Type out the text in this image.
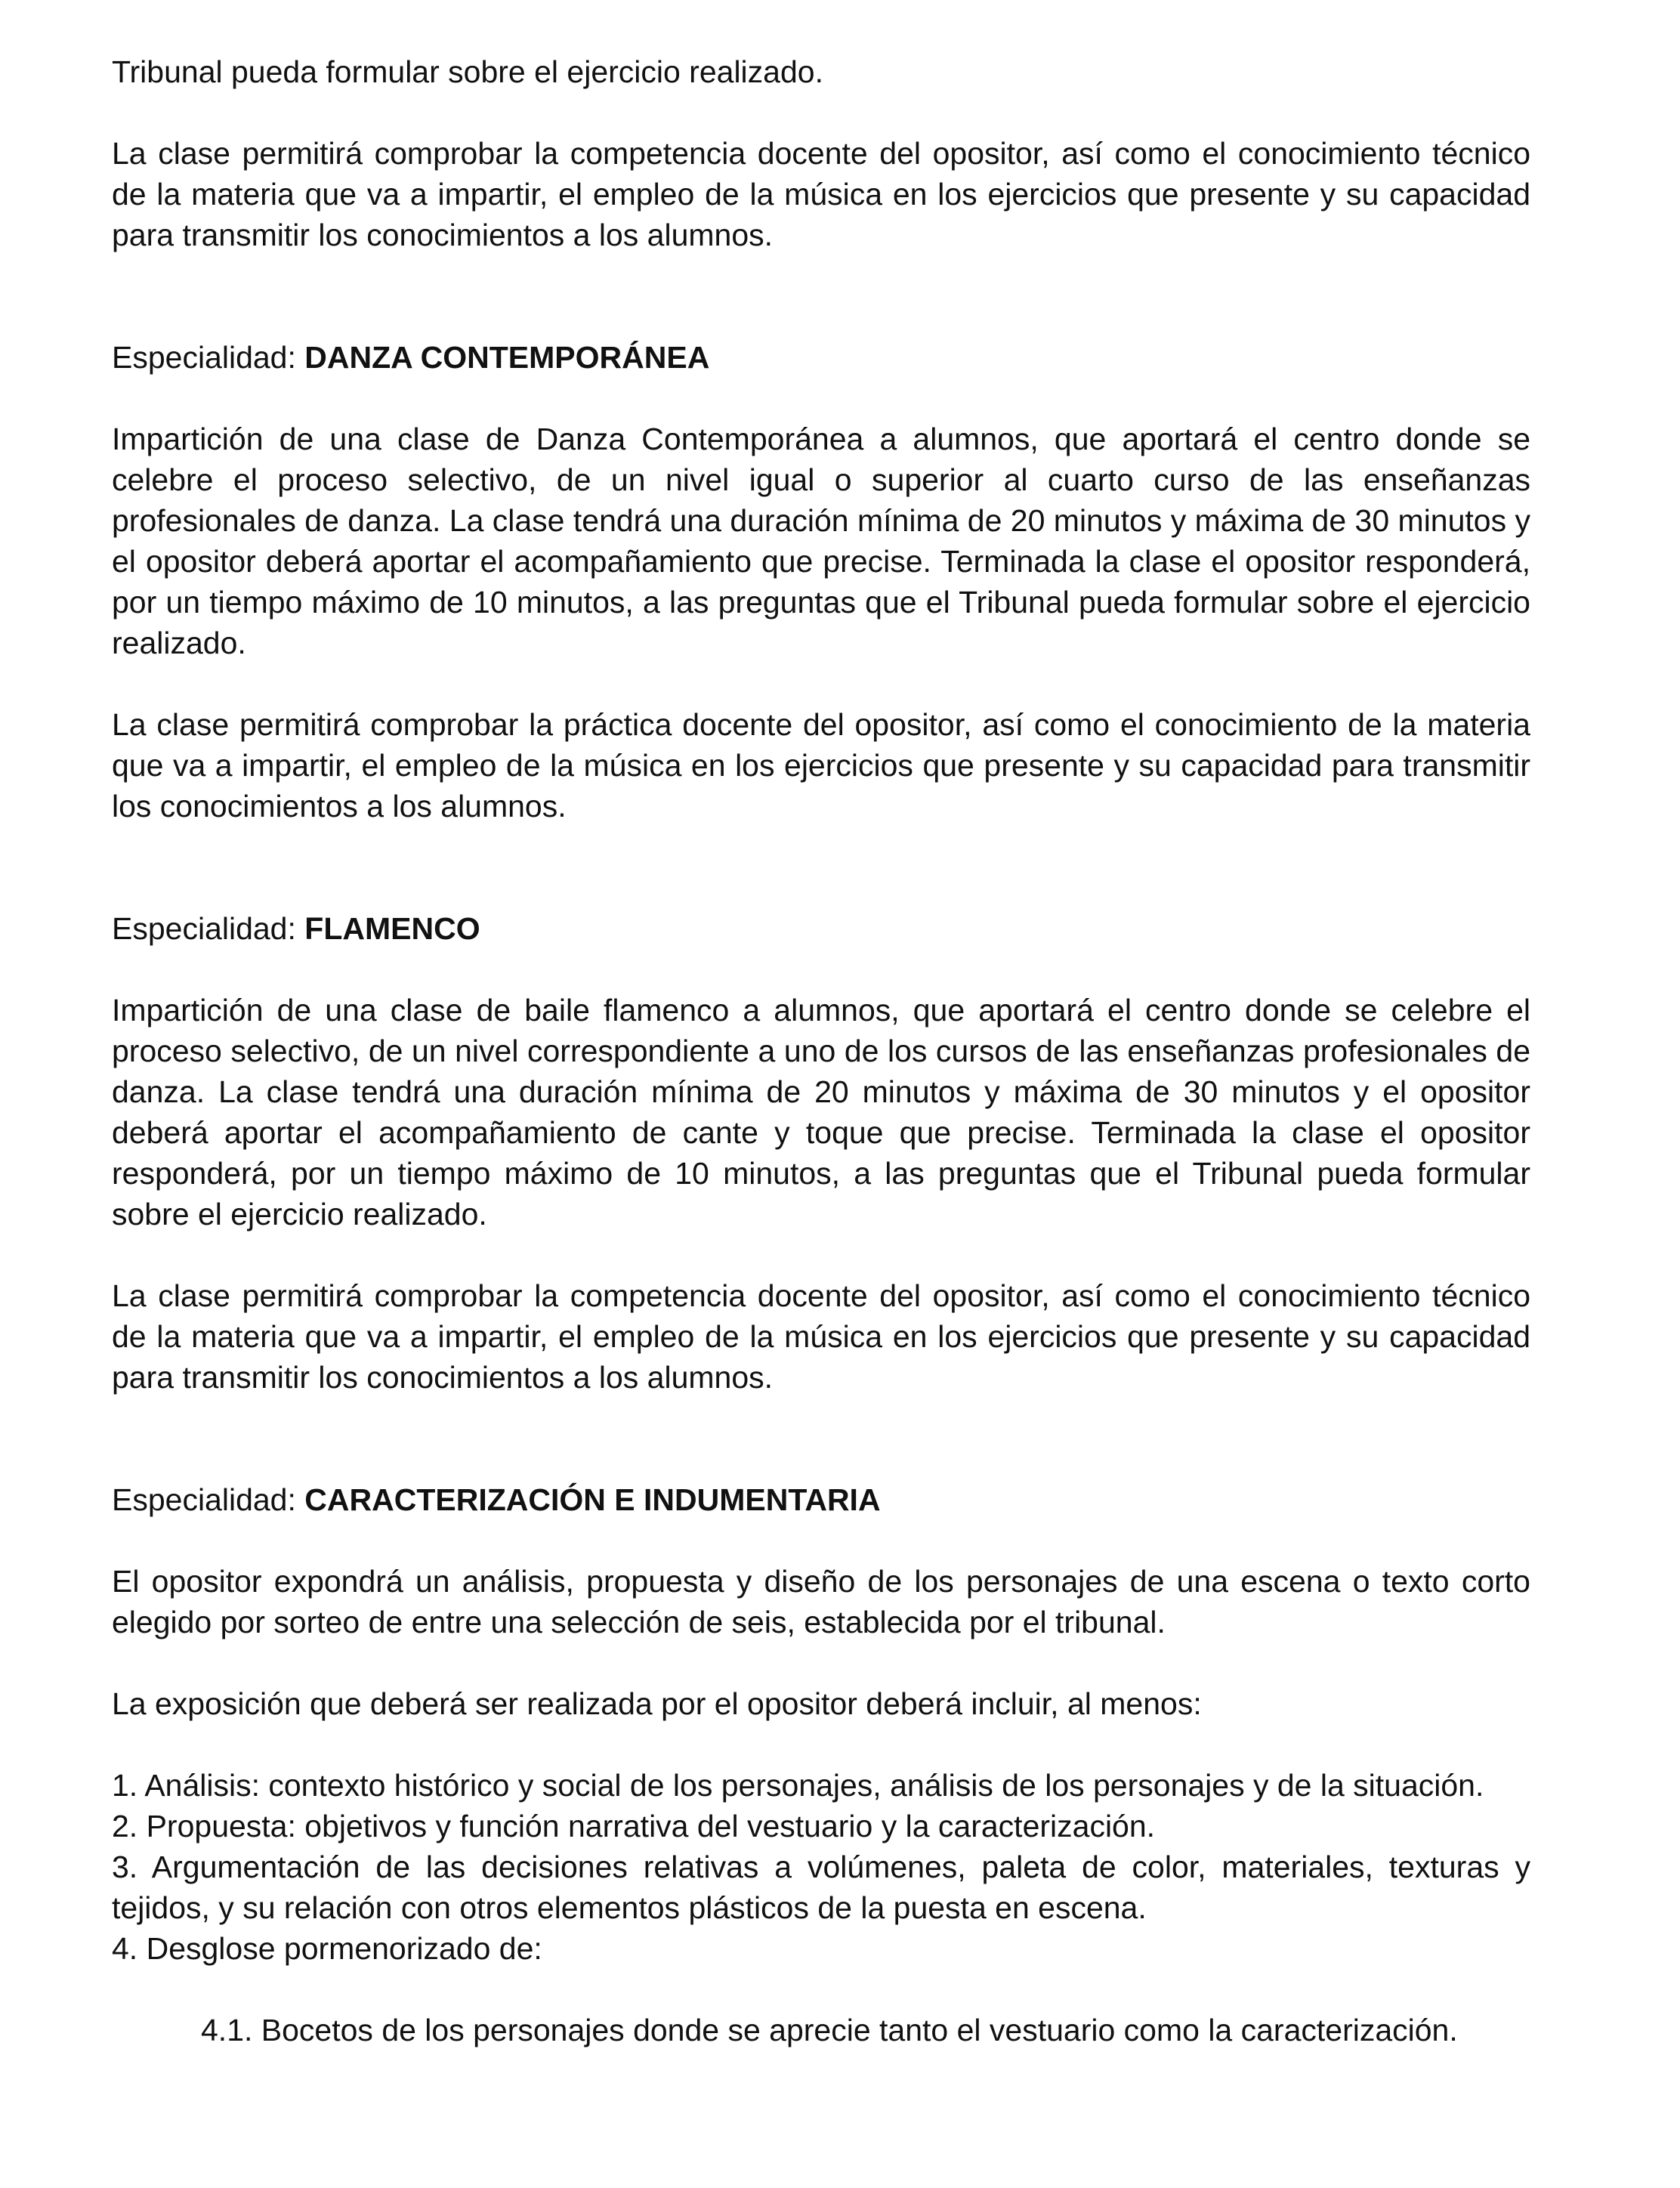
Tribunal pueda formular sobre el ejercicio realizado.

La clase permitirá comprobar la competencia docente del opositor, así como el conocimiento técnico de la materia que va a impartir, el empleo de la música en los ejercicios que presente y su capacidad para transmitir los conocimientos a los alumnos.

Especialidad: DANZA CONTEMPORÁNEA

Impartición de una clase de Danza Contemporánea a alumnos, que aportará el centro donde se celebre el proceso selectivo, de un nivel igual o superior al cuarto curso de las enseñanzas profesionales de danza. La clase tendrá una duración mínima de 20 minutos y máxima de 30 minutos y el opositor deberá aportar el acompañamiento que precise. Terminada la clase el opositor responderá, por un tiempo máximo de 10 minutos, a las preguntas que el Tribunal pueda formular sobre el ejercicio realizado.

La clase permitirá comprobar la práctica docente del opositor, así como el conocimiento de la materia que va a impartir, el empleo de la música en los ejercicios que presente y su capacidad para transmitir los conocimientos a los alumnos.

Especialidad: FLAMENCO

Impartición de una clase de baile flamenco a alumnos, que aportará el centro donde se celebre el proceso selectivo, de un nivel correspondiente a uno de los cursos de las enseñanzas profesionales de danza. La clase tendrá una duración mínima de 20 minutos y máxima de 30 minutos y el opositor deberá aportar el acompañamiento de cante y toque que precise. Terminada la clase el opositor responderá, por un tiempo máximo de 10 minutos, a las preguntas que el Tribunal pueda formular sobre el ejercicio realizado.

La clase permitirá comprobar la competencia docente del opositor, así como el conocimiento técnico de la materia que va a impartir, el empleo de la música en los ejercicios que presente y su capacidad para transmitir los conocimientos a los alumnos.

Especialidad: CARACTERIZACIÓN E INDUMENTARIA

El opositor expondrá un análisis, propuesta y diseño de los personajes de una escena o texto corto elegido por sorteo de entre una selección de seis, establecida por el tribunal.

La exposición que deberá ser realizada por el opositor deberá incluir, al menos:

1. Análisis: contexto histórico y social de los personajes, análisis de los personajes y de la situación.

2. Propuesta: objetivos y función narrativa del vestuario y la caracterización.

3. Argumentación de las decisiones relativas a volúmenes, paleta de color, materiales, texturas y tejidos, y su relación con otros elementos plásticos de la puesta en escena.

4. Desglose pormenorizado de:

4.1. Bocetos de los personajes donde se aprecie tanto el vestuario como la caracterización.
